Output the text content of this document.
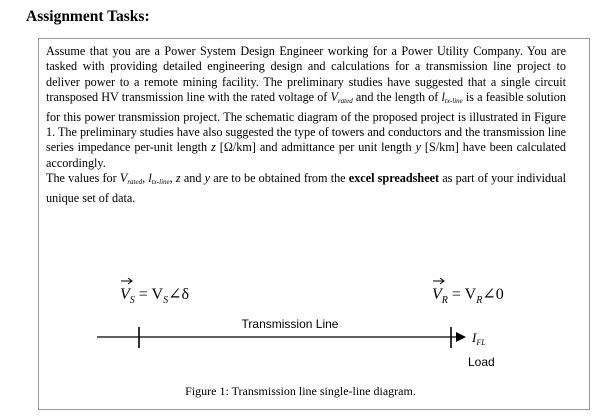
Assignment Tasks:

Assume that you are a Power System Design Engineer working for a Power Utility Company. You are tasked with providing detailed engineering design and calculations for a transmission line project to deliver power to a remote mining facility. The preliminary studies have suggested that a single circuit transposed HV transmission line with the rated voltage of $V_{rated}$ and the length of $l_{tx-line}$ is a feasible solution for this power transmission project. The schematic diagram of the proposed project is illustrated in Figure 1. The preliminary studies have also suggested the type of towers and conductors and the transmission line series impedance per-unit length z [Ω/km] and admittance per unit length y [S/km] have been calculated accordingly.

The values for $V_{rated}$, $l_{tx-line}$, z and y are to be obtained from the excel spreadsheet as part of your individual unique set of data.

$V_S$ = $V_S\angle\delta$	$V_R$ = $V_R\angle 0$
Transmission Line
$I_{FL}$
Load
Figure 1: Transmission line single-line diagram.
